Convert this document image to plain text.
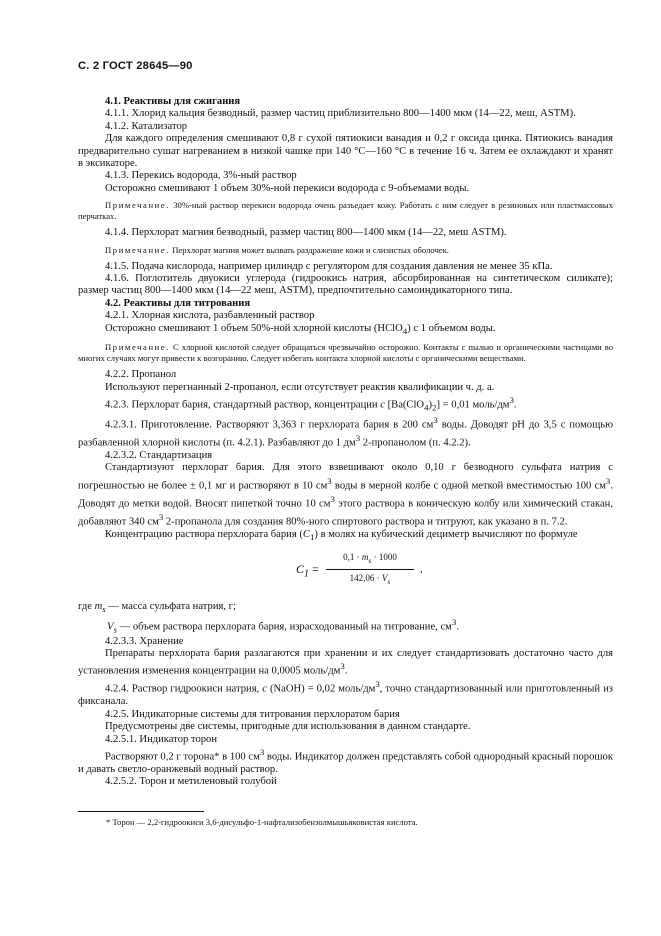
С. 2 ГОСТ 28645—90

4.1. Реактивы для сжигания

4.1.1. Хлорид кальция безводный, размер частиц приблизительно 800—1400 мкм (14—22, меш, ASTM).

4.1.2. Катализатор

Для каждого определения смешивают 0,8 г сухой пятиокиси ванадия и 0,2 г оксида цинка. Пятиокись ванадия предварительно сушат нагреванием в низкой чашке при 140 °С—160 °С в течение 16 ч. Затем ее охлаждают и хранят в эксикаторе.

4.1.3. Перекись водорода, 3%-ный раствор

Осторожно смешивают 1 объем 30%-ной перекиси водорода с 9-объемами воды.

Примечание. 30%-ный раствор перекиси водорода очень разъедает кожу. Работать с ним следует в резиновых или пластмассовых перчатках.

4.1.4. Перхлорат магния безводный, размер частиц 800—1400 мкм (14—22, меш ASTM).

Примечание. Перхлорат магния может вызвать раздражение кожи и слизистых оболочек.

4.1.5. Подача кислорода, например цилиндр с регулятором для создания давления не менее 35 кПа.

4.1.6. Поглотитель двуокиси углерода (гидроокись натрия, абсорбированная на синтетическом силикате); размер частиц 800—1400 мкм (14—22 меш, ASTM), предпочтительно самоиндикаторного типа.

4.2. Реактивы для титрования

4.2.1. Хлорная кислота, разбавленный раствор

Осторожно смешивают 1 объем 50%-ной хлорной кислоты (HClO$_4$) с 1 объемом воды.

Примечание. С хлорной кислотой следует обращаться чрезвычайно осторожно. Контакты с пылью и органическими частицами во многих случаях могут привести к возгоранию. Следует избегать контакта хлорной кислоты с органическими веществами.

4.2.2. Пропанол

Используют перегнанный 2-пропанол, если отсутствует реактив квалификации ч. д. а.

4.2.3. Перхлорат бария, стандартный раствор, концентрации c $[Ba(ClO_4)_2] = 0,01$ моль/$дм^3$.

4.2.3.1. Приготовление. Растворяют 3,363 г перхлората бария в 200 $см^3$ воды. Доводят pH до 3,5 с помощью разбавленной хлорной кислоты (п. 4.2.1). Разбавляют до 1 $дм^3$ 2-пропанолом (п. 4.2.2).

4.2.3.2. Стандартизация

Стандартизуют перхлорат бария. Для этого взвешивают около 0,10 г безводного сульфата натрия с погрешностью не более ± 0,1 мг и растворяют в 10 $см^3$ воды в мерной колбе с одной меткой вместимостью 100 $см^3$. Доводят до метки водой. Вносят пипеткой точно 10 $см^3$ этого раствора в коническую колбу или химический стакан, добавляют 340 $см^3$ 2-пропанола для создания 80%-ного спиртового раствора и титруют, как указано в п. 7.2.

Концентрацию раствора перхлората бария $(C_1)$ в молях на кубический дециметр вычисляют по формуле

$C_1 = \frac{0,1 \cdot m_s \cdot 1000}{142,06 \cdot V_s}$ ,

где $m_s$ — масса сульфата натрия, г;

$V_s$ — объем раствора перхлората бария, израсходованный на титрование, $см^3$.

4.2.3.3. Хранение

Препараты перхлората бария разлагаются при хранении и их следует стандартизовать достаточно часто для установления изменения концентрации на 0,0005 моль/$дм^3$.

4.2.4. Раствор гидроокиси натрия, c (NaOH) = 0,02 моль/$дм^3$, точно стандартизованный или приготовленный из фиксанала.

4.2.5. Индикаторные системы для титрования перхлоратом бария

Предусмотрены две системы, пригодные для использования в данном стандарте.

4.2.5.1. Индикатор торон

Растворяют 0,2 г торона* в 100 $см^3$ воды. Индикатор должен представлять собой однородный красный порошок и давать светло-оранжевый водный раствор.

4.2.5.2. Торон и метиленовый голубой

* Торон — 2,2-гидроокиси 3,6-дисульфо-1-нафтализобензолмышьяковистая кислота.
